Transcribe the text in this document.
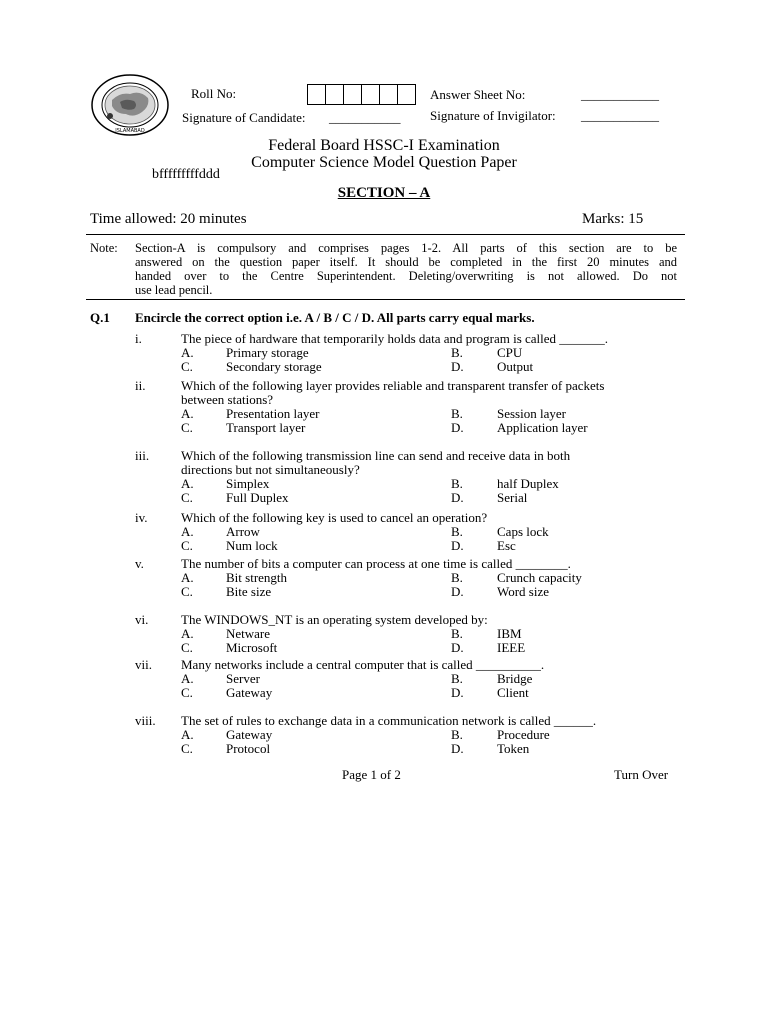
ISLAMABAD
Roll No:	Answer Sheet No:	____________
Signature of Candidate: ___________ Signature of Invigilator: ____________
Federal Board HSSC-I Examination
Computer Science Model Question Paper
bfffffffffddd
SECTION – A
Time allowed: 20 minutes	Marks: 15
Note: Section-A is compulsory and comprises pages 1-2. All parts of this section are to be
answered on the question paper itself. It should be completed in the first 20 minutes and
handed over to the Centre Superintendent. Deleting/overwriting is not allowed. Do not
use lead pencil.
Q.1 Encircle the correct option i.e. A / B / C / D. All parts carry equal marks.
i.	The piece of hardware that temporarily holds data and program is called _______.
A. Primary storage	B.	CPU
C.	Secondary storage	D.	Output
ii.	Which of the following layer provides reliable and transparent transfer of packets
between stations?
A. Presentation layer	B.	Session layer
C.	Transport layer	D.	Application layer
iii. Which of the following transmission line can send and receive data in both
directions but not simultaneously?
A. Simplex	B.	half Duplex
C.	Full Duplex	D.	Serial
iv.	Which of the following key is used to cancel an operation?
A. Arrow	B.	Caps lock
C.	Num lock	D.	Esc
v.	The number of bits a computer can process at one time is called ________.
A. Bit strength	B.	Crunch capacity
C.	Bite size	D.	Word size
vi.	The WINDOWS_NT is an operating system developed by:
A. Netware	B.	IBM
C.	Microsoft	D.	IEEE
vii. Many networks include a central computer that is called __________.
A. Server	B.	Bridge
C.	Gateway	D.	Client
viii. The set of rules to exchange data in a communication network is called ______.
A. Gateway	B.	Procedure
C.	Protocol	D.	Token
Page 1 of 2	Turn Over
